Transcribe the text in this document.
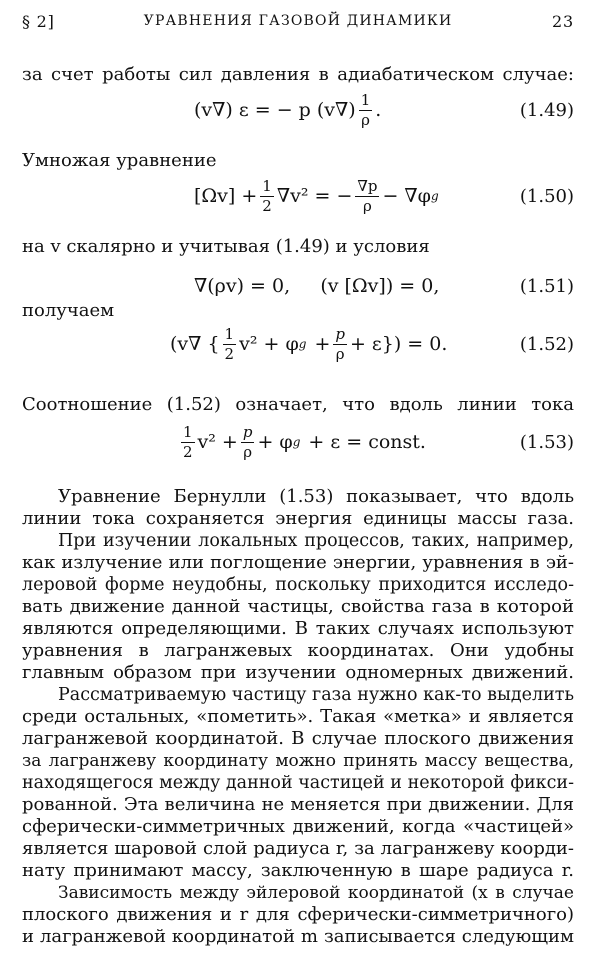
§ 2]	УРАВНЕНИЯ ГАЗОВОЙ ДИНАМИКИ	23
за счет работы сил давления в адиабатическом случае:
(v∇) ε = − p $(v\nabla) \frac{1}{\rho}$ .	(1.49)
Умножая уравнение
$[\Omega v] + \frac{1}{2} \nabla v^2$ = − $\frac{\nabla p}{\rho} - \nabla\varphi$ g	(1.50)
на v скалярно и учитывая (1.49) и условия
∇(ρv) = 0,     (v [Ωv]) = 0,	(1.51)
получаем
(v∇ { $\frac{1}{2} v^2 + \varphi$ $g + \frac{p}{\rho} + \varepsilon\}) = 0$.	(1.52)
Соотношение (1.52) означает, что вдоль линии тока
$\frac{1}{2} v^2 + \frac{p}{\rho} + \varphi$ g + ε = const.	(1.53)
Уравнение Бернулли (1.53) показывает, что вдоль
линии тока сохраняется энергия единицы массы газа.
При изучении локальных процессов, таких, например,
как излучение или поглощение энергии, уравнения в эй-
леровой форме неудобны, поскольку приходится исследо-
вать движение данной частицы, свойства газа в которой
являются определяющими. В таких случаях используют
уравнения в лагранжевых координатах. Они удобны
главным образом при изучении одномерных движений.
Рассматриваемую частицу газа нужно как-то выделить
среди остальных, «пометить». Такая «метка» и является
лагранжевой координатой. В случае плоского движения
за лагранжеву координату можно принять массу вещества,
находящегося между данной частицей и некоторой фикси-
рованной. Эта величина не меняется при движении. Для
сферически-симметричных движений, когда «частицей»
является шаровой слой радиуса r, за лагранжеву коорди-
нату принимают массу, заключенную в шаре радиуса r.
Зависимость между эйлеровой координатой (x в случае
плоского движения и r для сферически-симметричного)
и лагранжевой координатой m записывается следующим
